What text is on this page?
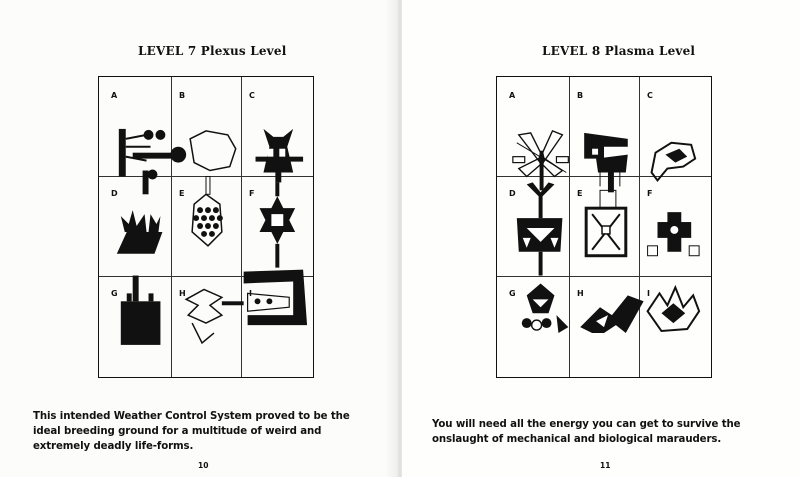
LEVEL 7 Plexus Level
A	B	C
D	E	F
G	H	I
This intended Weather Control System proved to be the ideal breeding ground for a multitude of weird and extremely deadly life-forms.
10
LEVEL 8 Plasma Level
A	B	C
D	E	F
G	H	I
You will need all the energy you can get to survive the onslaught of mechanical and biological marauders.
11
